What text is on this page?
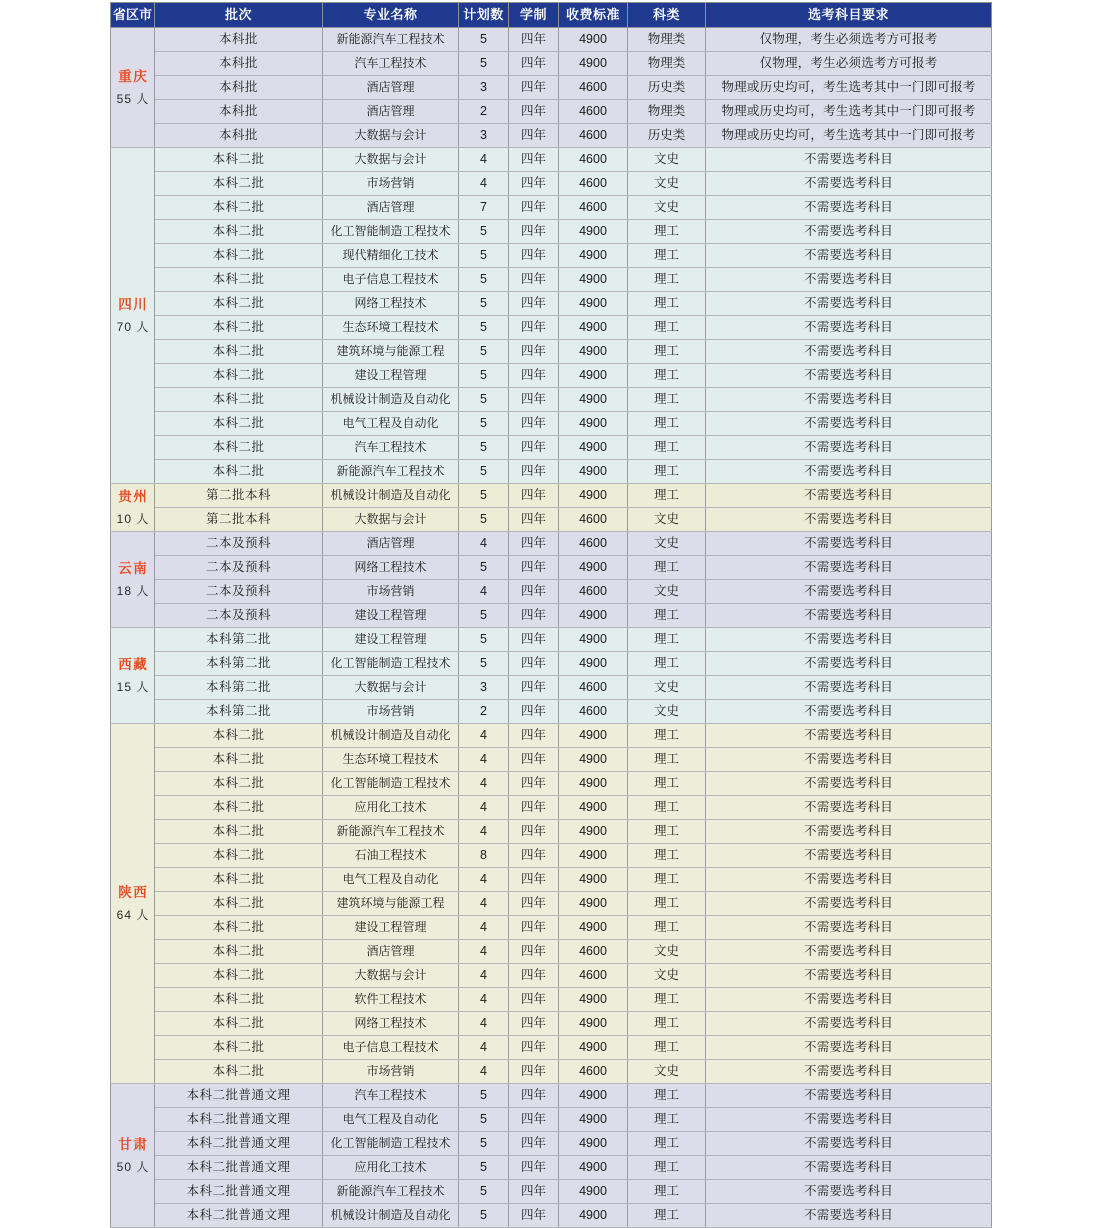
省区市	批次	专业名称	计划数	学制	收费标准	科类	选考科目要求

重庆
55 人	本科批	新能源汽车工程技术	5	四年	4900	物理类	仅物理，考生必须选考方可报考
	本科批	汽车工程技术	5	四年	4900	物理类	仅物理，考生必须选考方可报考
	本科批	酒店管理	3	四年	4600	历史类	物理或历史均可，考生选考其中一门即可报考
	本科批	酒店管理	2	四年	4600	物理类	物理或历史均可，考生选考其中一门即可报考
	本科批	大数据与会计	3	四年	4600	历史类	物理或历史均可，考生选考其中一门即可报考

四川
70 人	本科二批	大数据与会计	4	四年	4600	文史	不需要选考科目
	本科二批	市场营销	4	四年	4600	文史	不需要选考科目
	本科二批	酒店管理	7	四年	4600	文史	不需要选考科目
	本科二批	化工智能制造工程技术	5	四年	4900	理工	不需要选考科目
	本科二批	现代精细化工技术	5	四年	4900	理工	不需要选考科目
	本科二批	电子信息工程技术	5	四年	4900	理工	不需要选考科目
	本科二批	网络工程技术	5	四年	4900	理工	不需要选考科目
	本科二批	生态环境工程技术	5	四年	4900	理工	不需要选考科目
	本科二批	建筑环境与能源工程	5	四年	4900	理工	不需要选考科目
	本科二批	建设工程管理	5	四年	4900	理工	不需要选考科目
	本科二批	机械设计制造及自动化	5	四年	4900	理工	不需要选考科目
	本科二批	电气工程及自动化	5	四年	4900	理工	不需要选考科目
	本科二批	汽车工程技术	5	四年	4900	理工	不需要选考科目
	本科二批	新能源汽车工程技术	5	四年	4900	理工	不需要选考科目

贵州
10 人	第二批本科	机械设计制造及自动化	5	四年	4900	理工	不需要选考科目
	第二批本科	大数据与会计	5	四年	4600	文史	不需要选考科目

云南
18 人	二本及预科	酒店管理	4	四年	4600	文史	不需要选考科目
	二本及预科	网络工程技术	5	四年	4900	理工	不需要选考科目
	二本及预科	市场营销	4	四年	4600	文史	不需要选考科目
	二本及预科	建设工程管理	5	四年	4900	理工	不需要选考科目

西藏
15 人	本科第二批	建设工程管理	5	四年	4900	理工	不需要选考科目
	本科第二批	化工智能制造工程技术	5	四年	4900	理工	不需要选考科目
	本科第二批	大数据与会计	3	四年	4600	文史	不需要选考科目
	本科第二批	市场营销	2	四年	4600	文史	不需要选考科目

陕西
64 人	本科二批	机械设计制造及自动化	4	四年	4900	理工	不需要选考科目
	本科二批	生态环境工程技术	4	四年	4900	理工	不需要选考科目
	本科二批	化工智能制造工程技术	4	四年	4900	理工	不需要选考科目
	本科二批	应用化工技术	4	四年	4900	理工	不需要选考科目
	本科二批	新能源汽车工程技术	4	四年	4900	理工	不需要选考科目
	本科二批	石油工程技术	8	四年	4900	理工	不需要选考科目
	本科二批	电气工程及自动化	4	四年	4900	理工	不需要选考科目
	本科二批	建筑环境与能源工程	4	四年	4900	理工	不需要选考科目
	本科二批	建设工程管理	4	四年	4900	理工	不需要选考科目
	本科二批	酒店管理	4	四年	4600	文史	不需要选考科目
	本科二批	大数据与会计	4	四年	4600	文史	不需要选考科目
	本科二批	软件工程技术	4	四年	4900	理工	不需要选考科目
	本科二批	网络工程技术	4	四年	4900	理工	不需要选考科目
	本科二批	电子信息工程技术	4	四年	4900	理工	不需要选考科目
	本科二批	市场营销	4	四年	4600	文史	不需要选考科目

甘肃
50 人	本科二批普通文理	汽车工程技术	5	四年	4900	理工	不需要选考科目
	本科二批普通文理	电气工程及自动化	5	四年	4900	理工	不需要选考科目
	本科二批普通文理	化工智能制造工程技术	5	四年	4900	理工	不需要选考科目
	本科二批普通文理	应用化工技术	5	四年	4900	理工	不需要选考科目
	本科二批普通文理	新能源汽车工程技术	5	四年	4900	理工	不需要选考科目
	本科二批普通文理	机械设计制造及自动化	5	四年	4900	理工	不需要选考科目
